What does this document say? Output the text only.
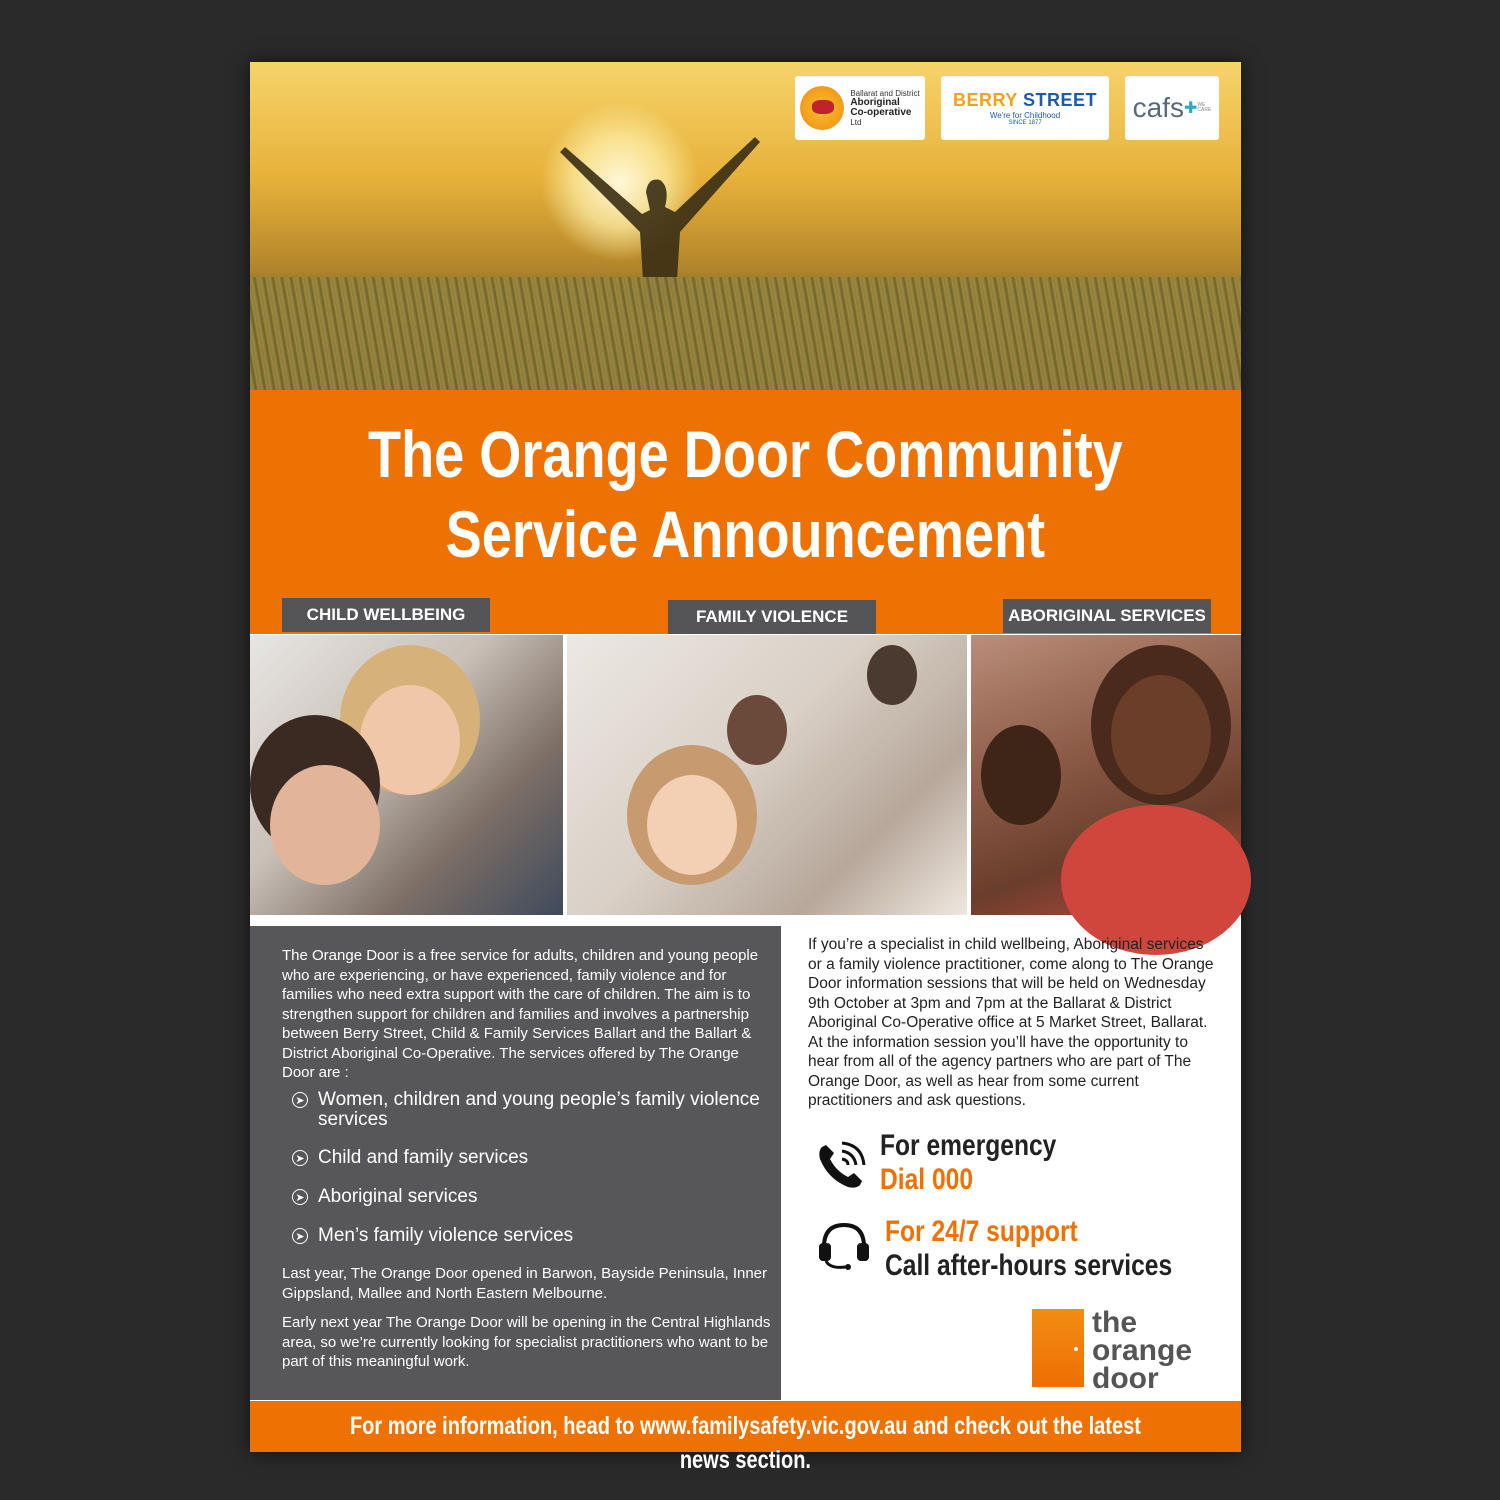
Ballarat and District

Aboriginal
Co-operative
Ltd
BERRY STREET
We're for Childhood
SINCE 1877	cafs ✚ WE CARE
The Orange Door Community
Service Announcement
CHILD WELLBEING	FAMILY VIOLENCE	ABORIGINAL SERVICES
The Orange Door is a free service for adults, children and young people who are experiencing, or have experienced, family violence and for families who need extra support with the care of children. The aim is to strengthen support for children and families and involves a partnership between Berry Street, Child & Family Services Ballart and the Ballart & District Aboriginal Co-Operative. The services offered by The Orange Door are :
➤ Women, children and young people’s family violence services
➤ Child and family services
➤ Aboriginal services
➤ Men’s family violence services
Last year, The Orange Door opened in Barwon, Bayside Peninsula, Inner Gippsland, Mallee and North Eastern Melbourne.
Early next year The Orange Door will be opening in the Central Highlands area, so we’re currently looking for specialist practitioners who want to be part of this meaningful work.
If you’re a specialist in child wellbeing, Aboriginal services or a family violence practitioner, come along to The Orange Door information sessions that will be held on Wednesday 9th October at 3pm and 7pm at the Ballarat & District Aboriginal Co-Operative office at 5 Market Street, Ballarat. At the information session you’ll have the opportunity to hear from all of the agency partners who are part of The Orange Door, as well as hear from some current practitioners and ask questions.
For emergency
Dial 000
For 24/7 support
Call after-hours services
the
orange
door
For more information, head to www.familysafety.vic.gov.au and check out the latest news section.
